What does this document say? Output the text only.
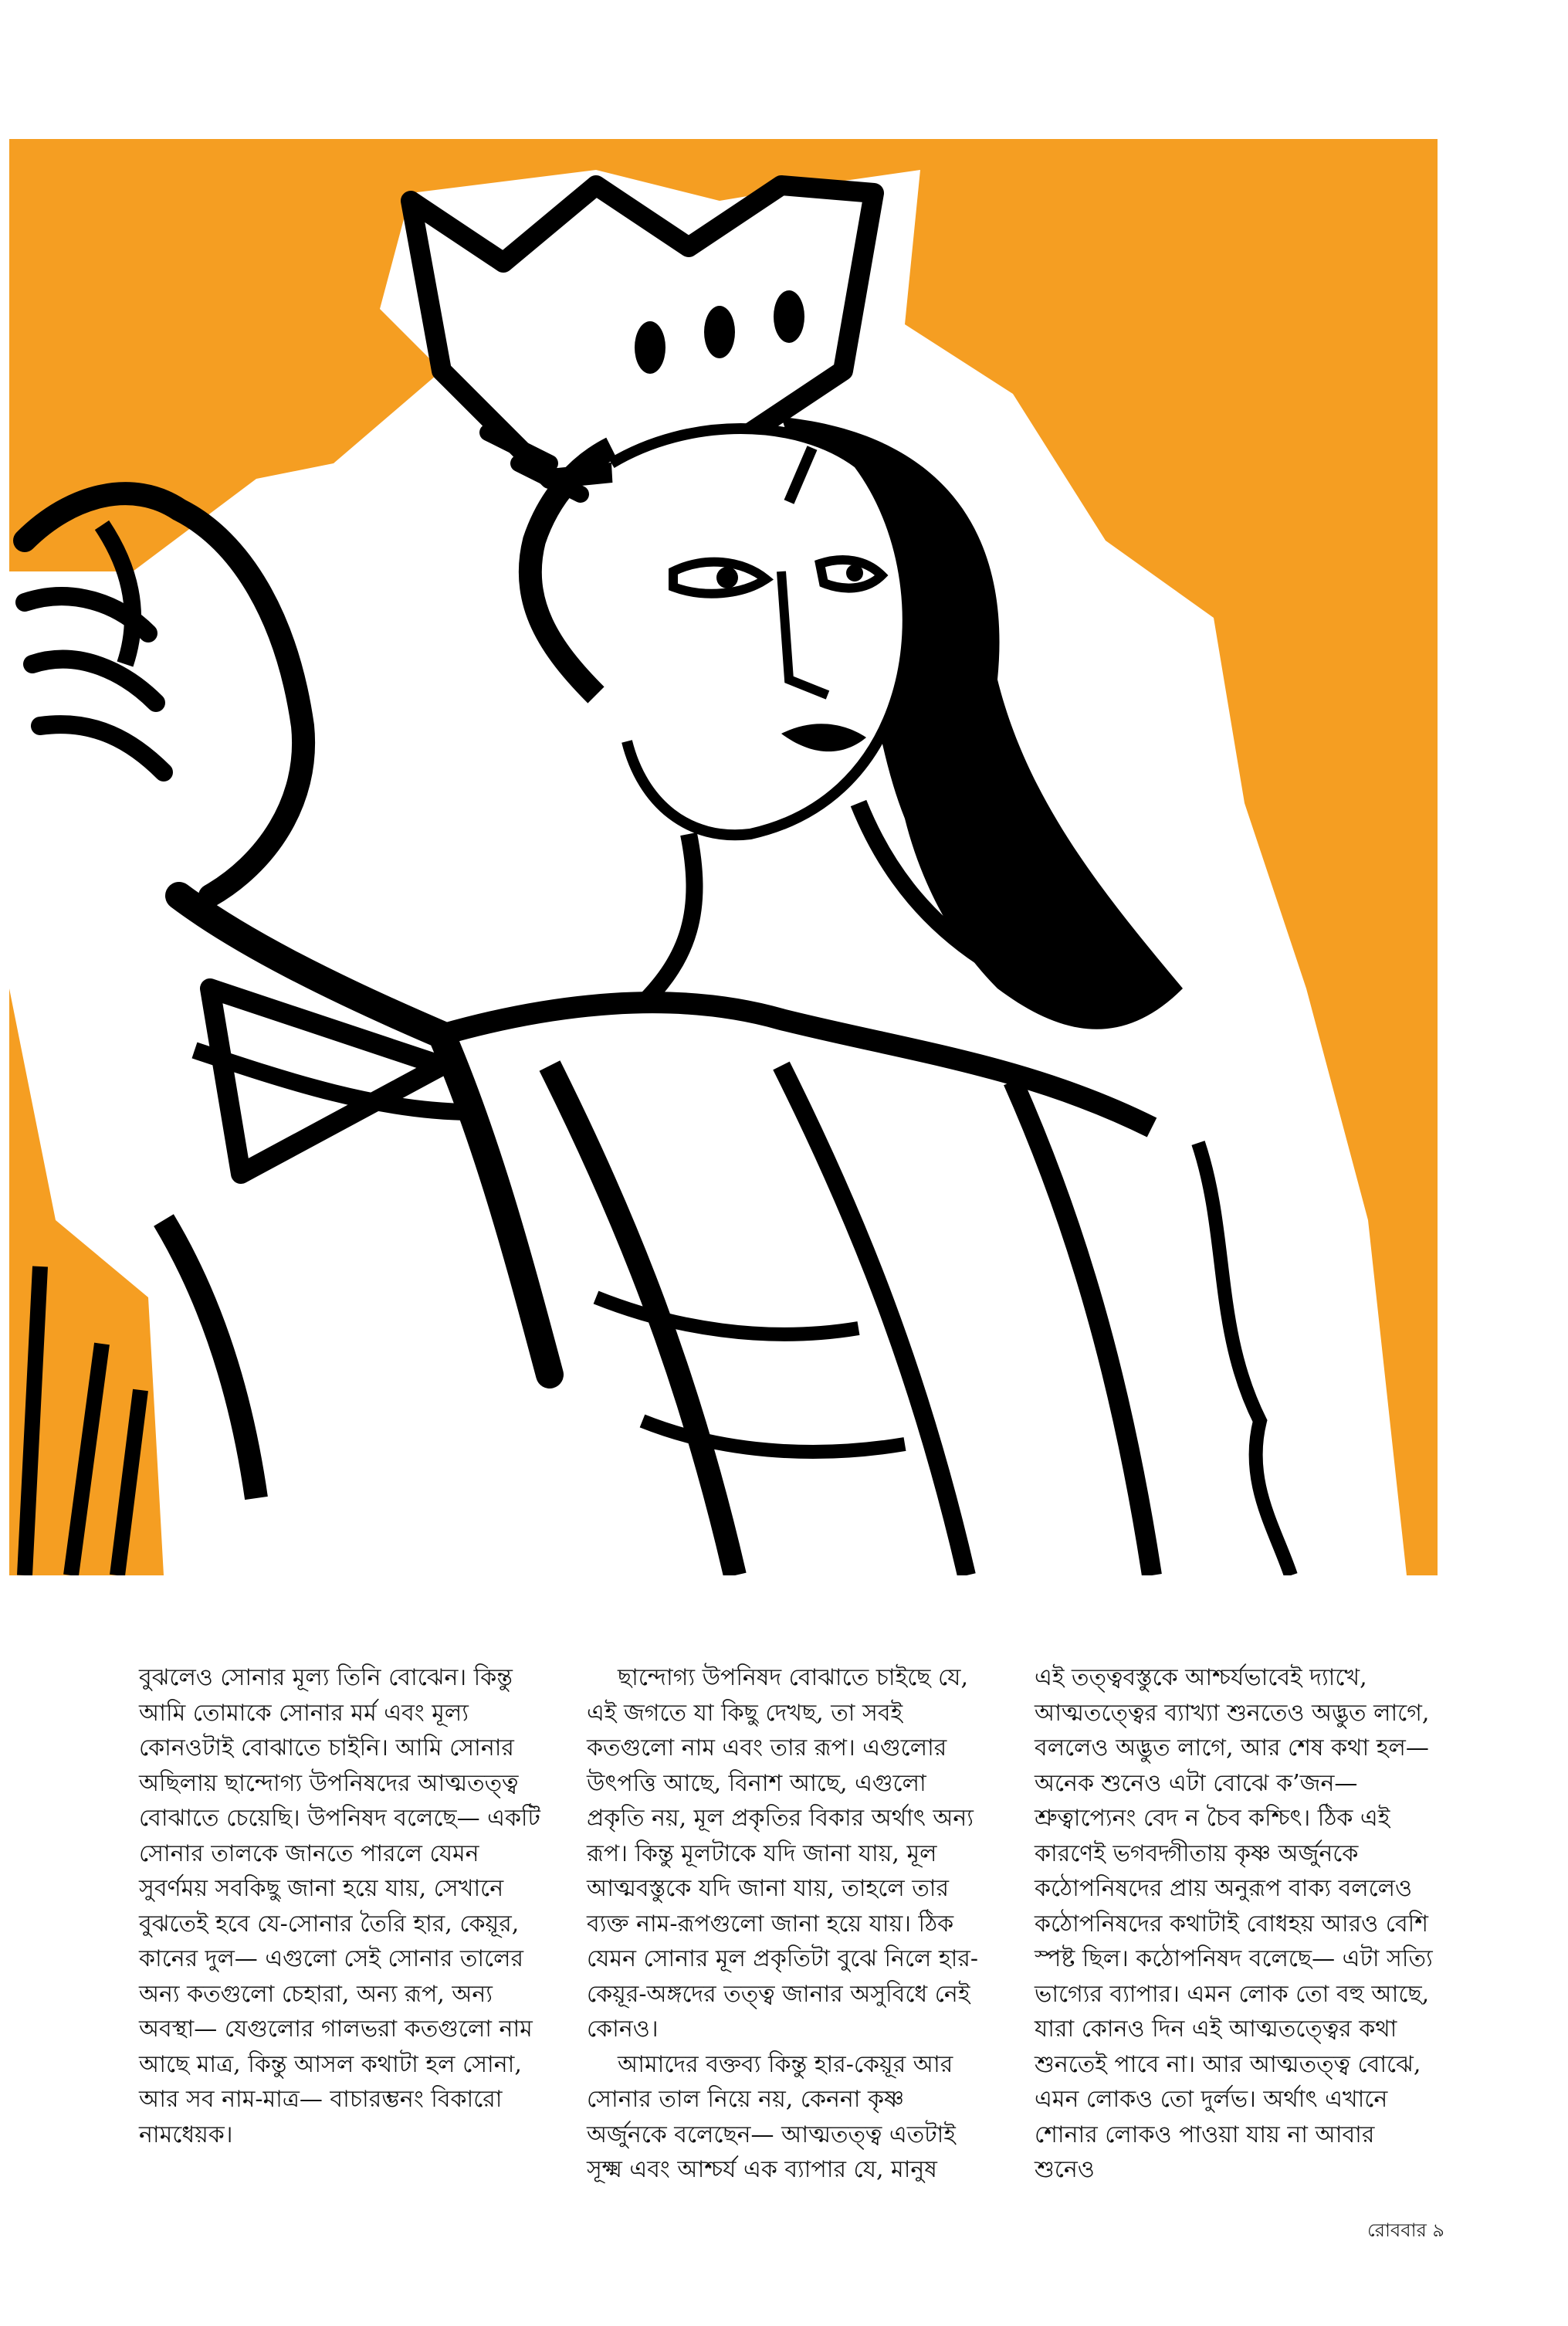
বুঝলেও সোনার মূল্য তিনি বোঝেন। কিন্তু আমি তোমাকে সোনার মর্ম এবং মূল্য কোনওটাই বোঝাতে চাইনি। আমি সোনার অছিলায় ছান্দোগ্য উপনিষদের আত্মতত্ত্ব বোঝাতে চেয়েছি। উপনিষদ বলেছে— একটি সোনার তালকে জানতে পারলে যেমন সুবর্ণময় সবকিছু জানা হয়ে যায়, সেখানে বুঝতেই হবে যে-সোনার তৈরি হার, কেয়ূর, কানের দুল— এগুলো সেই সোনার তালের অন্য কতগুলো চেহারা, অন্য রূপ, অন্য অবস্থা— যেগুলোর গালভরা কতগুলো নাম আছে মাত্র, কিন্তু আসল কথাটা হল সোনা, আর সব নাম-মাত্র— বাচারম্ভনং বিকারো নামধেয়ক।

ছান্দোগ্য উপনিষদ বোঝাতে চাইছে যে, এই জগতে যা কিছু দেখছ, তা সবই কতগুলো নাম এবং তার রূপ। এগুলোর উৎপত্তি আছে, বিনাশ আছে, এগুলো প্রকৃতি নয়, মূল প্রকৃতির বিকার অর্থাৎ অন্য রূপ। কিন্তু মূলটাকে যদি জানা যায়, মূল আত্মবস্তুকে যদি জানা যায়, তাহলে তার ব্যক্ত নাম-রূপগুলো জানা হয়ে যায়। ঠিক যেমন সোনার মূল প্রকৃতিটা বুঝে নিলে হার-কেয়ূর-অঙ্গদের তত্ত্ব জানার অসুবিধে নেই কোনও।

আমাদের বক্তব্য কিন্তু হার-কেয়ূর আর সোনার তাল নিয়ে নয়, কেননা কৃষ্ণ অর্জুনকে বলেছেন— আত্মতত্ত্ব এতটাই সূক্ষ্ম এবং আশ্চর্য এক ব্যাপার যে, মানুষ

এই তত্ত্ববস্তুকে আশ্চর্যভাবেই দ্যাখে, আত্মতত্ত্বের ব্যাখ্যা শুনতেও অদ্ভুত লাগে, বললেও অদ্ভুত লাগে, আর শেষ কথা হল— অনেক শুনেও এটা বোঝে ক’জন— শ্রুত্বাপ্যেনং বেদ ন চৈব কশ্চিৎ। ঠিক এই কারণেই ভগবদ্গীতায় কৃষ্ণ অর্জুনকে কঠোপনিষদের প্রায় অনুরূপ বাক্য বললেও কঠোপনিষদের কথাটাই বোধহয় আরও বেশি স্পষ্ট ছিল। কঠোপনিষদ বলেছে— এটা সত্যি ভাগ্যের ব্যাপার। এমন লোক তো বহু আছে, যারা কোনও দিন এই আত্মতত্ত্বের কথা শুনতেই পাবে না। আর আত্মতত্ত্ব বোঝে, এমন লোকও তো দুর্লভ। অর্থাৎ এখানে শোনার লোকও পাওয়া যায় না আবার শুনেও

রোববার ৯
